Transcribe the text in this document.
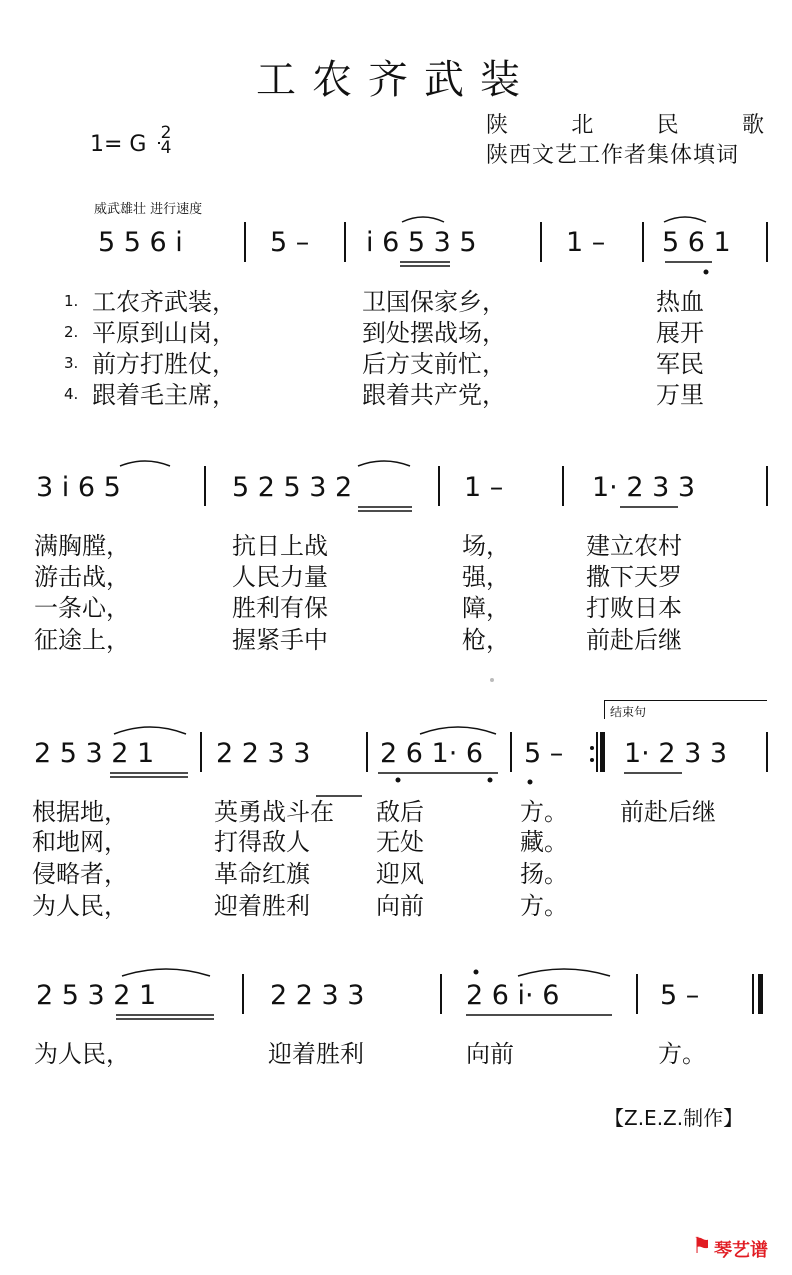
工农齐武装
1= G 2
4
陕北民歌
陕西文艺工作者集体填词
威武雄壮 进行速度
5 5 6 i	5 –	i 6 5 3 5	1 –	5 6 1
1. 工农齐武装，	卫国保家乡，	热血
2. 平原到山岗，	到处摆战场，	展开
3. 前方打胜仗，	后方支前忙，	军民
4. 跟着毛主席，	跟着共产党，	万里
3 i 6 5	5 2 5 3 2	1 –	1· 2 3 3
满胸膛，	抗日上战	场，	建立农村
游击战，	人民力量	强，	撒下天罗
一条心，	胜利有保	障，	打败日本
征途上，	握紧手中	枪，	前赴后继
结束句
2 5 3 2 1	2 2 3 3	2 6 1· 6	5 –	1· 2 3 3
根据地，	英勇战斗在	敌后	方。 前赴后继
和地网，	打得敌人	无处	藏。
侵略者，	革命红旗	迎风	扬。
为人民，	迎着胜利	向前	方。
2 5 3 2 1	2 2 3 3	2 6 i· 6	5 –
为人民，	迎着胜利	向前	方。
【Z.E.Z.制作】
琴艺谱
⚑
